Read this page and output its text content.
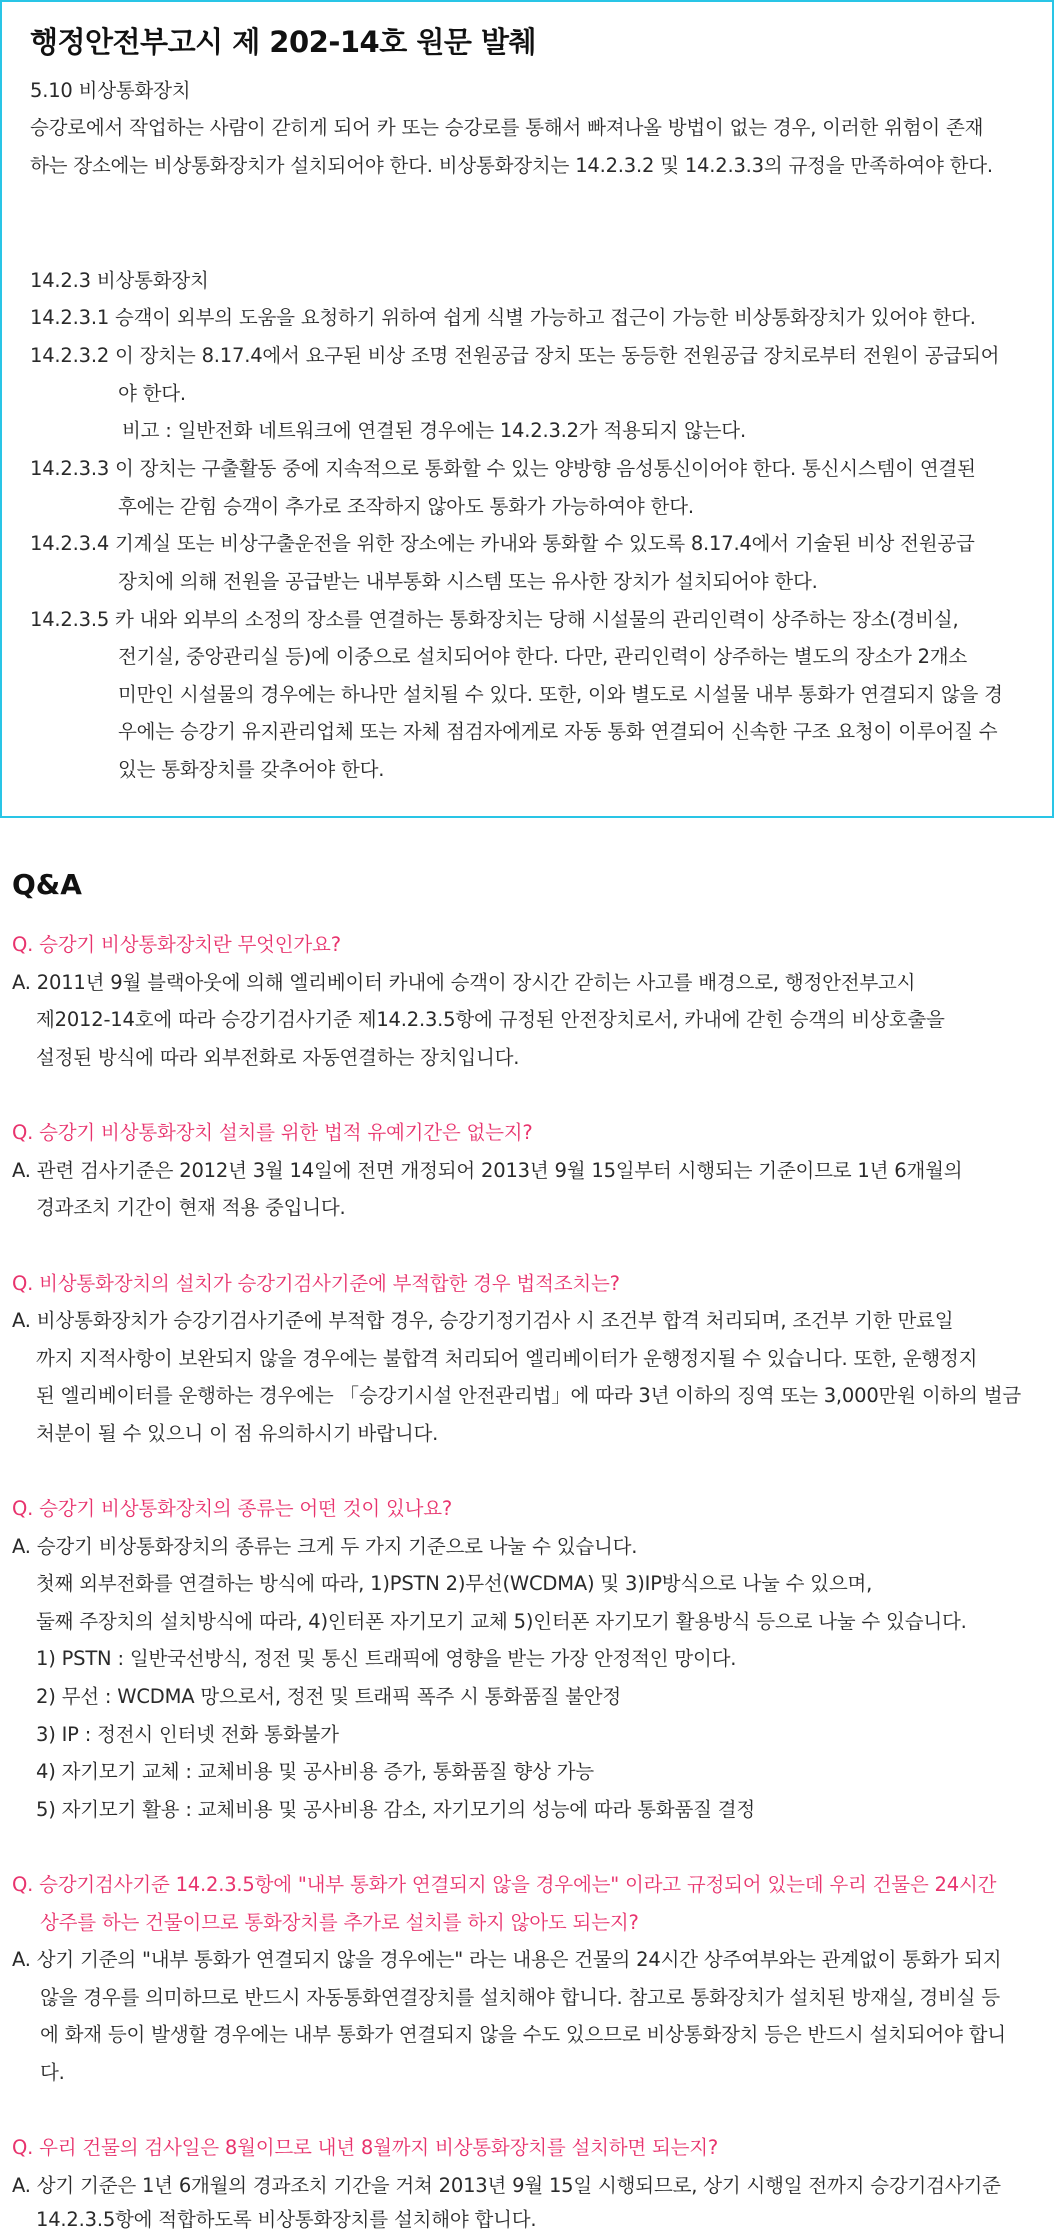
행정안전부고시 제 202-14호 원문 발췌
5.10 비상통화장치
승강로에서 작업하는 사람이 갇히게 되어 카 또는 승강로를 통해서 빠져나올 방법이 없는 경우, 이러한 위험이 존재
하는 장소에는 비상통화장치가 설치되어야 한다. 비상통화장치는 14.2.3.2 및 14.2.3.3의 규정을 만족하여야 한다.
14.2.3 비상통화장치
14.2.3.1 승객이 외부의 도움을 요청하기 위하여 쉽게 식별 가능하고 접근이 가능한 비상통화장치가 있어야 한다.
14.2.3.2 이 장치는 8.17.4에서 요구된 비상 조명 전원공급 장치 또는 동등한 전원공급 장치로부터 전원이 공급되어
야 한다.
비고 : 일반전화 네트워크에 연결된 경우에는 14.2.3.2가 적용되지 않는다.
14.2.3.3 이 장치는 구출활동 중에 지속적으로 통화할 수 있는 양방향 음성통신이어야 한다. 통신시스템이 연결된
후에는 갇힘 승객이 추가로 조작하지 않아도 통화가 가능하여야 한다.
14.2.3.4 기계실 또는 비상구출운전을 위한 장소에는 카내와 통화할 수 있도록 8.17.4에서 기술된 비상 전원공급
장치에 의해 전원을 공급받는 내부통화 시스템 또는 유사한 장치가 설치되어야 한다.
14.2.3.5 카 내와 외부의 소정의 장소를 연결하는 통화장치는 당해 시설물의 관리인력이 상주하는 장소(경비실,
전기실, 중앙관리실 등)에 이중으로 설치되어야 한다. 다만, 관리인력이 상주하는 별도의 장소가 2개소
미만인 시설물의 경우에는 하나만 설치될 수 있다. 또한, 이와 별도로 시설물 내부 통화가 연결되지 않을 경
우에는 승강기 유지관리업체 또는 자체 점검자에게로 자동 통화 연결되어 신속한 구조 요청이 이루어질 수
있는 통화장치를 갖추어야 한다.
Q&A
Q. 승강기 비상통화장치란 무엇인가요?
A. 2011년 9월 블랙아웃에 의해 엘리베이터 카내에 승객이 장시간 갇히는 사고를 배경으로, 행정안전부고시
제2012-14호에 따라 승강기검사기준 제14.2.3.5항에 규정된 안전장치로서, 카내에 갇힌 승객의 비상호출을
설정된 방식에 따라 외부전화로 자동연결하는 장치입니다.
Q. 승강기 비상통화장치 설치를 위한 법적 유예기간은 없는지?
A. 관련 검사기준은 2012년 3월 14일에 전면 개정되어 2013년 9월 15일부터 시행되는 기준이므로 1년 6개월의
경과조치 기간이 현재 적용 중입니다.
Q. 비상통화장치의 설치가 승강기검사기준에 부적합한 경우 법적조치는?
A. 비상통화장치가 승강기검사기준에 부적합 경우, 승강기정기검사 시 조건부 합격 처리되며, 조건부 기한 만료일
까지 지적사항이 보완되지 않을 경우에는 불합격 처리되어 엘리베이터가 운행정지될 수 있습니다. 또한, 운행정지
된 엘리베이터를 운행하는 경우에는 「승강기시설 안전관리법」에 따라 3년 이하의 징역 또는 3,000만원 이하의 벌금
처분이 될 수 있으니 이 점 유의하시기 바랍니다.
Q. 승강기 비상통화장치의 종류는 어떤 것이 있나요?
A. 승강기 비상통화장치의 종류는 크게 두 가지 기준으로 나눌 수 있습니다.
첫째 외부전화를 연결하는 방식에 따라, 1)PSTN 2)무선(WCDMA) 및 3)IP방식으로 나눌 수 있으며,
둘째 주장치의 설치방식에 따라, 4)인터폰 자기모기 교체 5)인터폰 자기모기 활용방식 등으로 나눌 수 있습니다.
1) PSTN : 일반국선방식, 정전 및 통신 트래픽에 영향을 받는 가장 안정적인 망이다.
2) 무선 : WCDMA 망으로서, 정전 및 트래픽 폭주 시 통화품질 불안정
3) IP : 정전시 인터넷 전화 통화불가
4) 자기모기 교체 : 교체비용 및 공사비용 증가, 통화품질 향상 가능
5) 자기모기 활용 : 교체비용 및 공사비용 감소, 자기모기의 성능에 따라 통화품질 결정
Q. 승강기검사기준 14.2.3.5항에 "내부 통화가 연결되지 않을 경우에는" 이라고 규정되어 있는데 우리 건물은 24시간
상주를 하는 건물이므로 통화장치를 추가로 설치를 하지 않아도 되는지?
A. 상기 기준의 "내부 통화가 연결되지 않을 경우에는" 라는 내용은 건물의 24시간 상주여부와는 관계없이 통화가 되지
않을 경우를 의미하므로 반드시 자동통화연결장치를 설치해야 합니다. 참고로 통화장치가 설치된 방재실, 경비실 등
에 화재 등이 발생할 경우에는 내부 통화가 연결되지 않을 수도 있으므로 비상통화장치 등은 반드시 설치되어야 합니
다.
Q. 우리 건물의 검사일은 8월이므로 내년 8월까지 비상통화장치를 설치하면 되는지?
A. 상기 기준은 1년 6개월의 경과조치 기간을 거쳐 2013년 9월 15일 시행되므로, 상기 시행일 전까지 승강기검사기준
14.2.3.5항에 적합하도록 비상통화장치를 설치해야 합니다.
